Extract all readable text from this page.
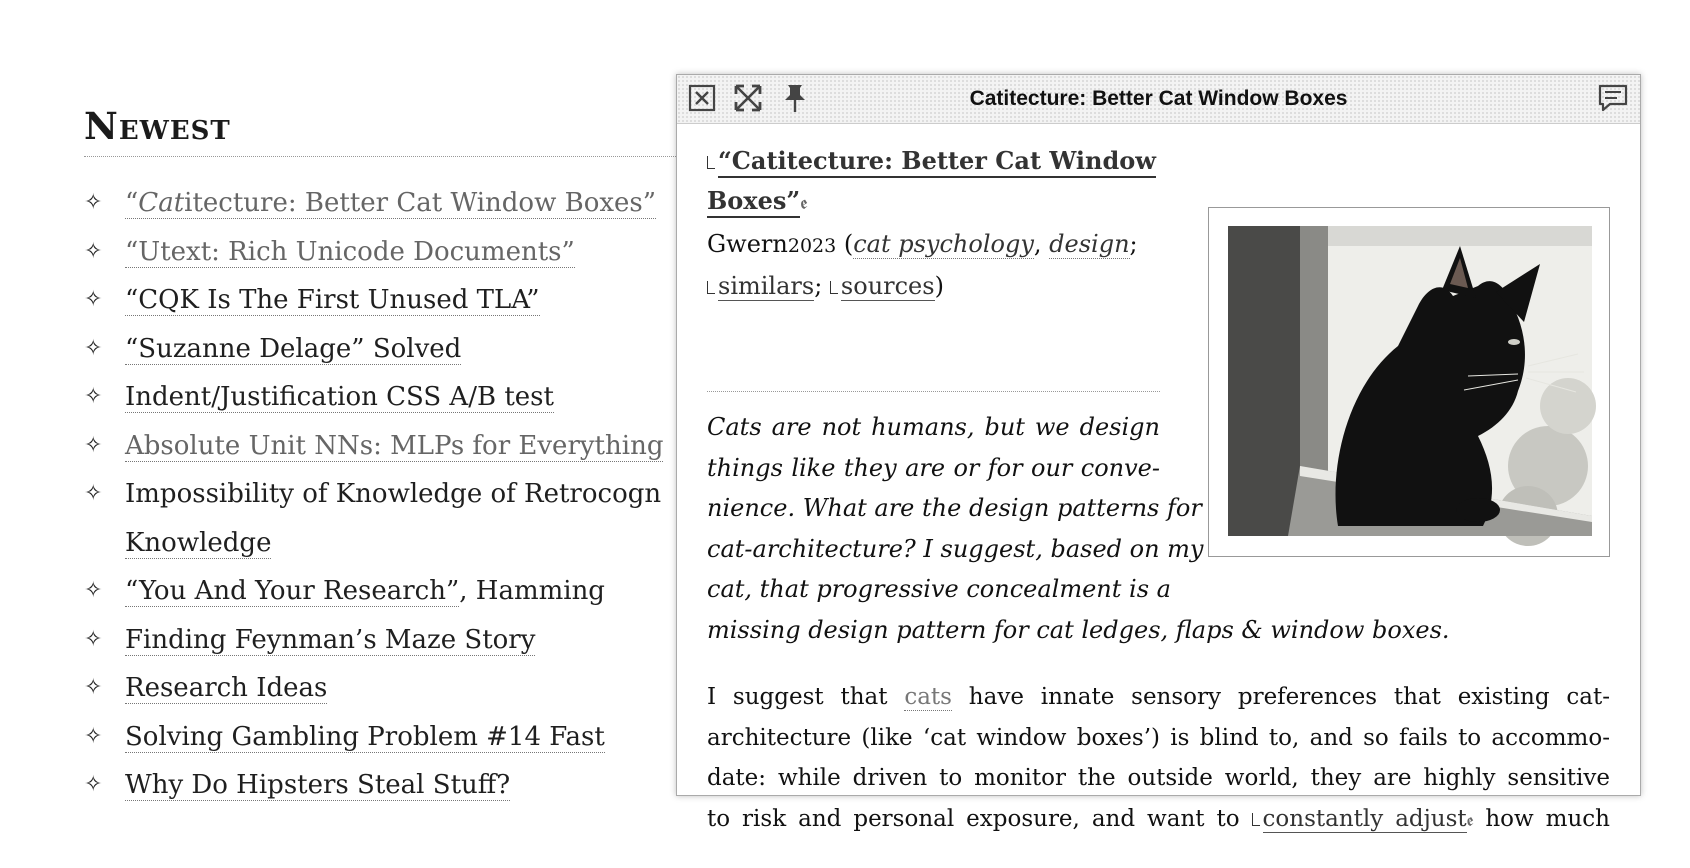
Newest
✧ “Catitecture: Better Cat Window Boxes”
✧ “Utext: Rich Unicode Documents”
✧ “CQK Is The First Unused TLA”
✧ “Suzanne Delage” Solved
✧ Indent/Justification CSS A/B test
✧ Absolute Unit NNs: MLPs for Everything
✧ Impossibility of Knowledge of Retrocogn
Knowledge
✧ “You And Your Research”, Hamming
✧ Finding Feynman’s Maze Story
✧ Research Ideas
✧ Solving Gambling Problem #14 Fast
✧ Why Do Hipsters Steal Stuff?
Catitecture: Better Cat Window Boxes
“Catitecture: Better Cat Window
Boxes”𝖊
Gwern2023 (cat psychology, design;
similars; sources)
Cats are not humans, but we design
things like they are or for our conve-
nience. What are the design patterns for
cat-architecture? I suggest, based on my
cat, that progressive concealment is a
missing design pattern for cat ledges, flaps & window boxes.
I suggest that cats have innate sensory preferences that existing cat-
architecture (like ‘cat window boxes’) is blind to, and so fails to accommo-
date: while driven to monitor the outside world, they are highly sensitive
to risk and personal exposure, and want to constantly adjust𝖊 how much
